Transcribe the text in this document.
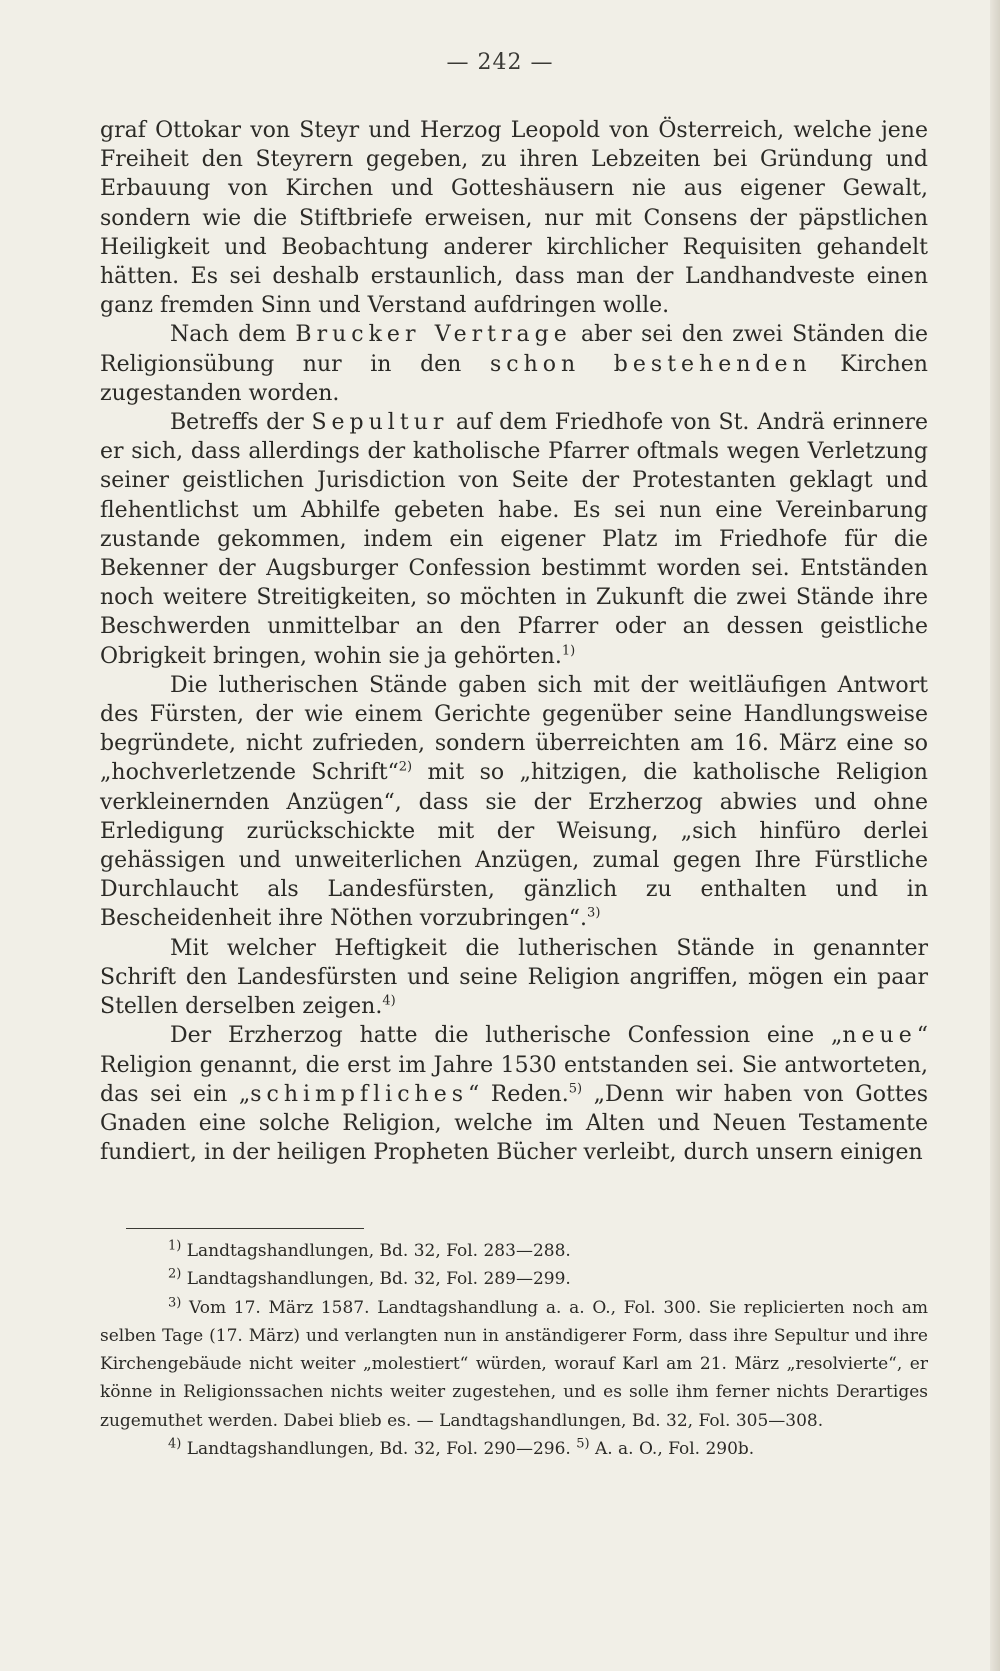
— 242 —

graf Ottokar von Steyr und Herzog Leopold von Österreich, welche jene Freiheit den Steyrern gegeben, zu ihren Lebzeiten bei Gründung und Erbauung von Kirchen und Gotteshäusern nie aus eigener Gewalt, sondern wie die Stiftbriefe erweisen, nur mit Consens der päpstlichen Heiligkeit und Beobachtung anderer kirchlicher Requisiten gehandelt hätten. Es sei deshalb erstaunlich, dass man der Landhandveste einen ganz fremden Sinn und Verstand aufdringen wolle.

Nach dem Brucker Vertrage aber sei den zwei Ständen die Religionsübung nur in den schon bestehenden Kirchen zugestanden worden.

Betreffs der Sepultur auf dem Friedhofe von St. Andrä erinnere er sich, dass allerdings der katholische Pfarrer oftmals wegen Verletzung seiner geistlichen Jurisdiction von Seite der Protestanten geklagt und flehentlichst um Abhilfe gebeten habe. Es sei nun eine Vereinbarung zustande gekommen, indem ein eigener Platz im Friedhofe für die Bekenner der Augsburger Confession bestimmt worden sei. Entständen noch weitere Streitigkeiten, so möchten in Zukunft die zwei Stände ihre Beschwerden unmittelbar an den Pfarrer oder an dessen geistliche Obrigkeit bringen, wohin sie ja gehörten.$^{1)}$

Die lutherischen Stände gaben sich mit der weitläufigen Antwort des Fürsten, der wie einem Gerichte gegenüber seine Handlungsweise begründete, nicht zufrieden, sondern überreichten am 16. März eine so „hochverletzende Schrift“$^{2)}$ mit so „hitzigen, die katholische Religion verkleinernden Anzügen“, dass sie der Erzherzog abwies und ohne Erledigung zurückschickte mit der Weisung, „sich hinfüro derlei gehässigen und unweiterlichen Anzügen, zumal gegen Ihre Fürstliche Durchlaucht als Landesfürsten, gänzlich zu enthalten und in Bescheidenheit ihre Nöthen vorzubringen“.$^{3)}$

Mit welcher Heftigkeit die lutherischen Stände in genannter Schrift den Landesfürsten und seine Religion angriffen, mögen ein paar Stellen derselben zeigen.$^{4)}$

Der Erzherzog hatte die lutherische Confession eine „neue“ Religion genannt, die erst im Jahre 1530 entstanden sei. Sie antworteten, das sei ein „schimpfliches“ Reden.$^{5)}$ „Denn wir haben von Gottes Gnaden eine solche Religion, welche im Alten und Neuen Testamente fundiert, in der heiligen Propheten Bücher verleibt, durch unsern einigen

$^{1)}$ Landtagshandlungen, Bd. 32, Fol. 283—288.

$^{2)}$ Landtagshandlungen, Bd. 32, Fol. 289—299.

$^{3)}$ Vom 17. März 1587. Landtagshandlung a. a. O., Fol. 300. Sie replicierten noch am selben Tage (17. März) und verlangten nun in anständigerer Form, dass ihre Sepultur und ihre Kirchengebäude nicht weiter „molestiert“ würden, worauf Karl am 21. März „resolvierte“, er könne in Religionssachen nichts weiter zugestehen, und es solle ihm ferner nichts Derartiges zugemuthet werden. Dabei blieb es. — Landtagshandlungen, Bd. 32, Fol. 305—308.

$^{4)}$ Landtagshandlungen, Bd. 32, Fol. 290—296. $^{5)}$ A. a. O., Fol. 290b.
